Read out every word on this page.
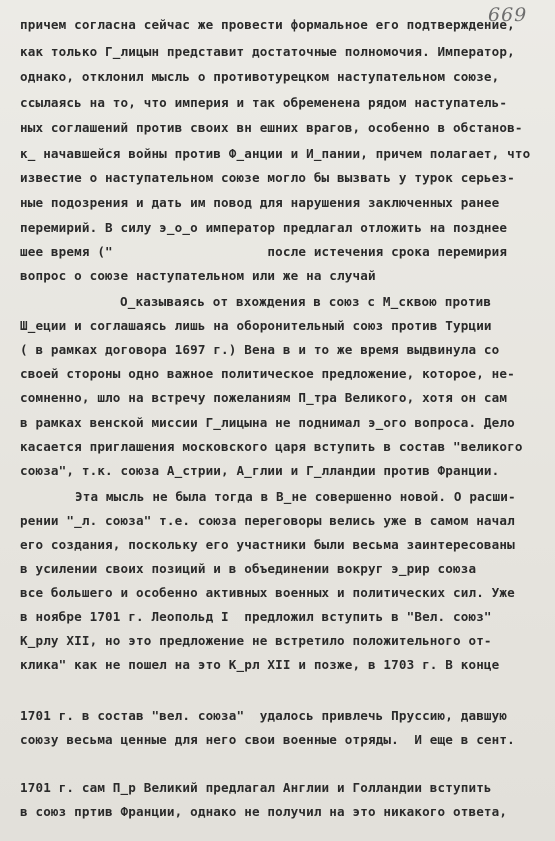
669
причем согласна сейчас же провести формальное его подтверждение,
как только Г_лицын представит достаточные полномочия. Император,
однако, отклонил мысль о противотурецком наступательном союзе,
ссылаясь на то, что империя и так обременена рядом наступатель-
ных соглашений против своих вн ешних врагов, особенно в обстанов-
к_ начавшейся войны против Ф_анции и И_пании, причем полагает, что
известие о наступательном союзе могло бы вызвать у турок серьез-
ные подозрения и дать им повод для нарушения заключенных ранее
перемирий. В силу э_о_о император предлагал отложить на позднее
шее время ("                    после истечения срока перемирия
вопрос о союзе наступательном или же на случай
О_казываясь от вхождения в союз с М_сквою против
Ш_еции и соглашаясь лишь на оборонительный союз против Турции
( в рамках договора 1697 г.) Вена в и то же время выдвинула со
своей стороны одно важное политическое предложение, которое, не-
сомненно, шло на встречу пожеланиям П_тра Великого, хотя он сам
в рамках венской миссии Г_лицына не поднимал э_ого вопроса. Дело
касается приглашения московского царя вступить в состав "великого
союза", т.к. союза А_стрии, А_глии и Г_лландии против Франции.
Эта мысль не была тогда в В_не совершенно новой. О расши-
рении "_л. союза" т.е. союза переговоры велись уже в самом начал
его создания, поскольку его участники были весьма заинтересованы
в усилении своих позиций и в объединении вокруг э_рир союза
все большего и особенно активных военных и политических сил. Уже
в ноябре 1701 г. Леопольд I  предложил вступить в "Вел. союз"
К_рлу XII, но это предложение не встретило положительного от-
клика" как не пошел на это К_рл XII и позже, в 1703 г. В конце
1701 г. в состав "вел. союза"  удалось привлечь Пруссию, давшую
союзу весьма ценные для него свои военные отряды.  И еще в сент.
1701 г. сам П_р Великий предлагал Англии и Голландии вступить
в союз пртив Франции, однако не получил на это никакого ответа,
